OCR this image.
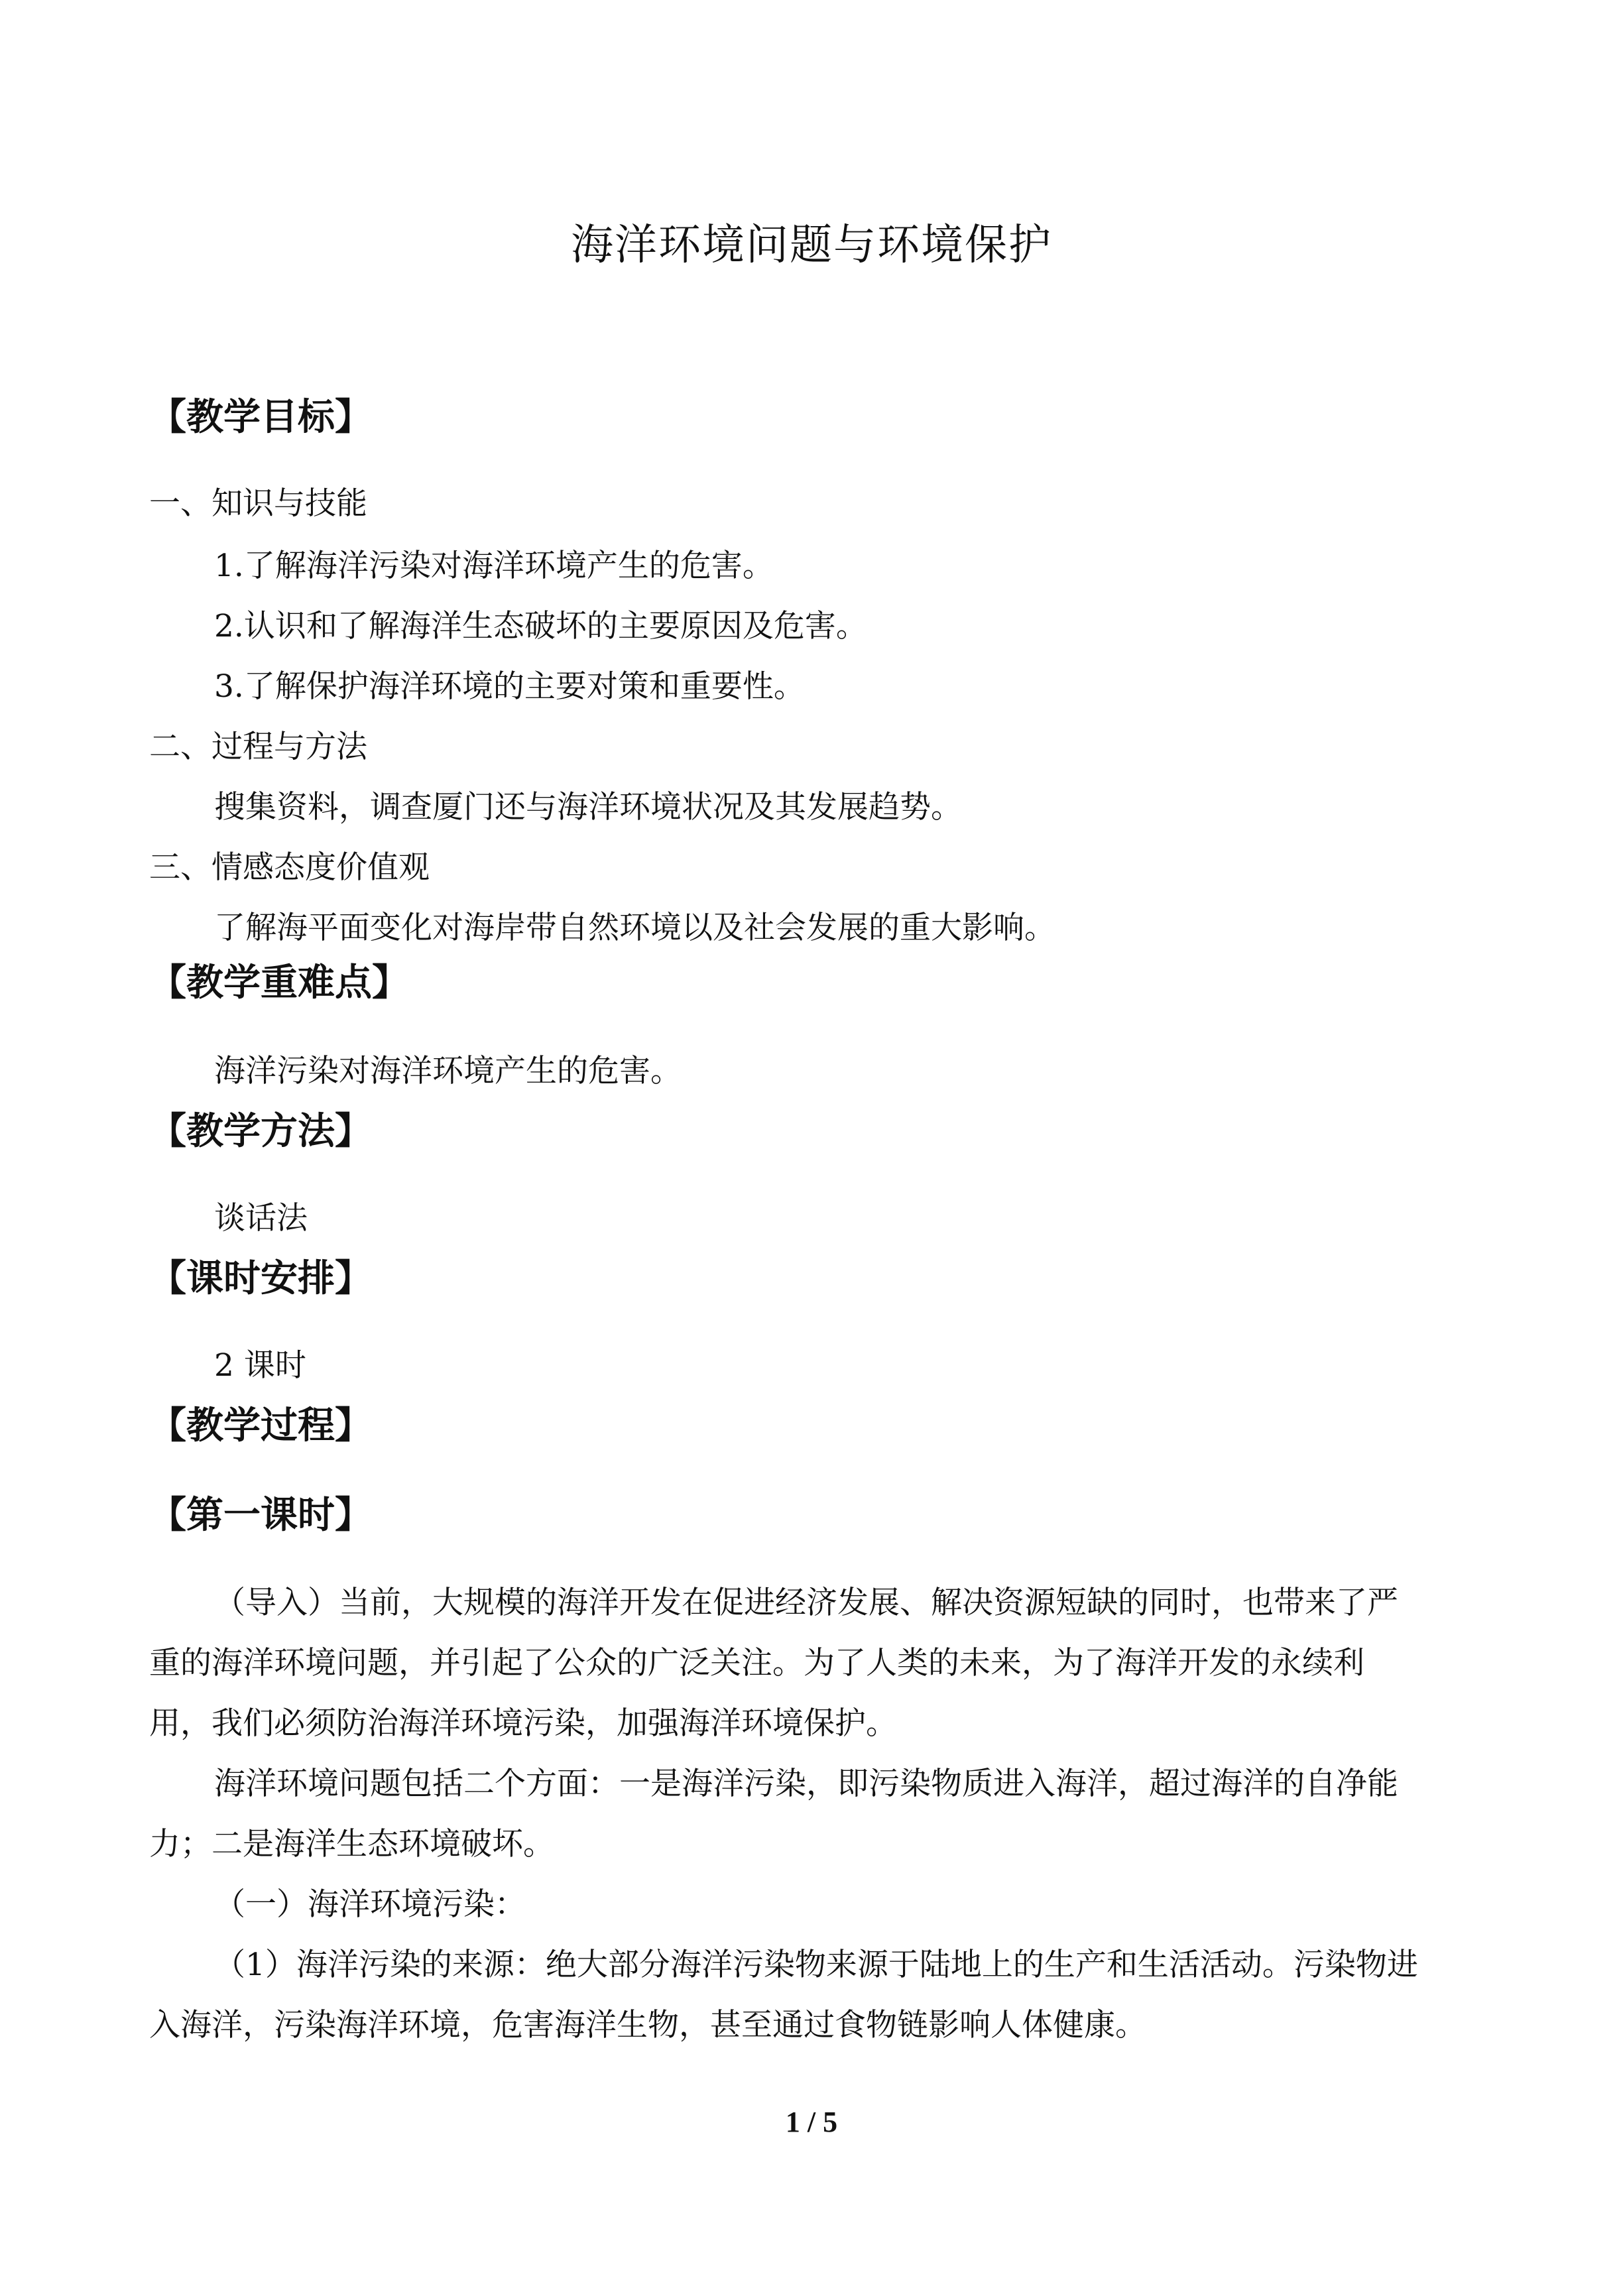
海洋环境问题与环境保护
【教学目标】
一、知识与技能
1.了解海洋污染对海洋环境产生的危害。
2.认识和了解海洋生态破坏的主要原因及危害。
3.了解保护海洋环境的主要对策和重要性。
二、过程与方法
搜集资料，调查厦门还与海洋环境状况及其发展趋势。
三、情感态度价值观
了解海平面变化对海岸带自然环境以及社会发展的重大影响。
【教学重难点】
海洋污染对海洋环境产生的危害。
【教学方法】
谈话法
【课时安排】
2 课时
【教学过程】
【第一课时】
（导入）当前，大规模的海洋开发在促进经济发展、解决资源短缺的同时，也带来了严
重的海洋环境问题，并引起了公众的广泛关注。为了人类的未来，为了海洋开发的永续利
用，我们必须防治海洋环境污染，加强海洋环境保护。
海洋环境问题包括二个方面：一是海洋污染，即污染物质进入海洋，超过海洋的自净能
力；二是海洋生态环境破坏。
（一）海洋环境污染：
（1）海洋污染的来源：绝大部分海洋污染物来源于陆地上的生产和生活活动。污染物进
入海洋，污染海洋环境，危害海洋生物，甚至通过食物链影响人体健康。
1 / 5
